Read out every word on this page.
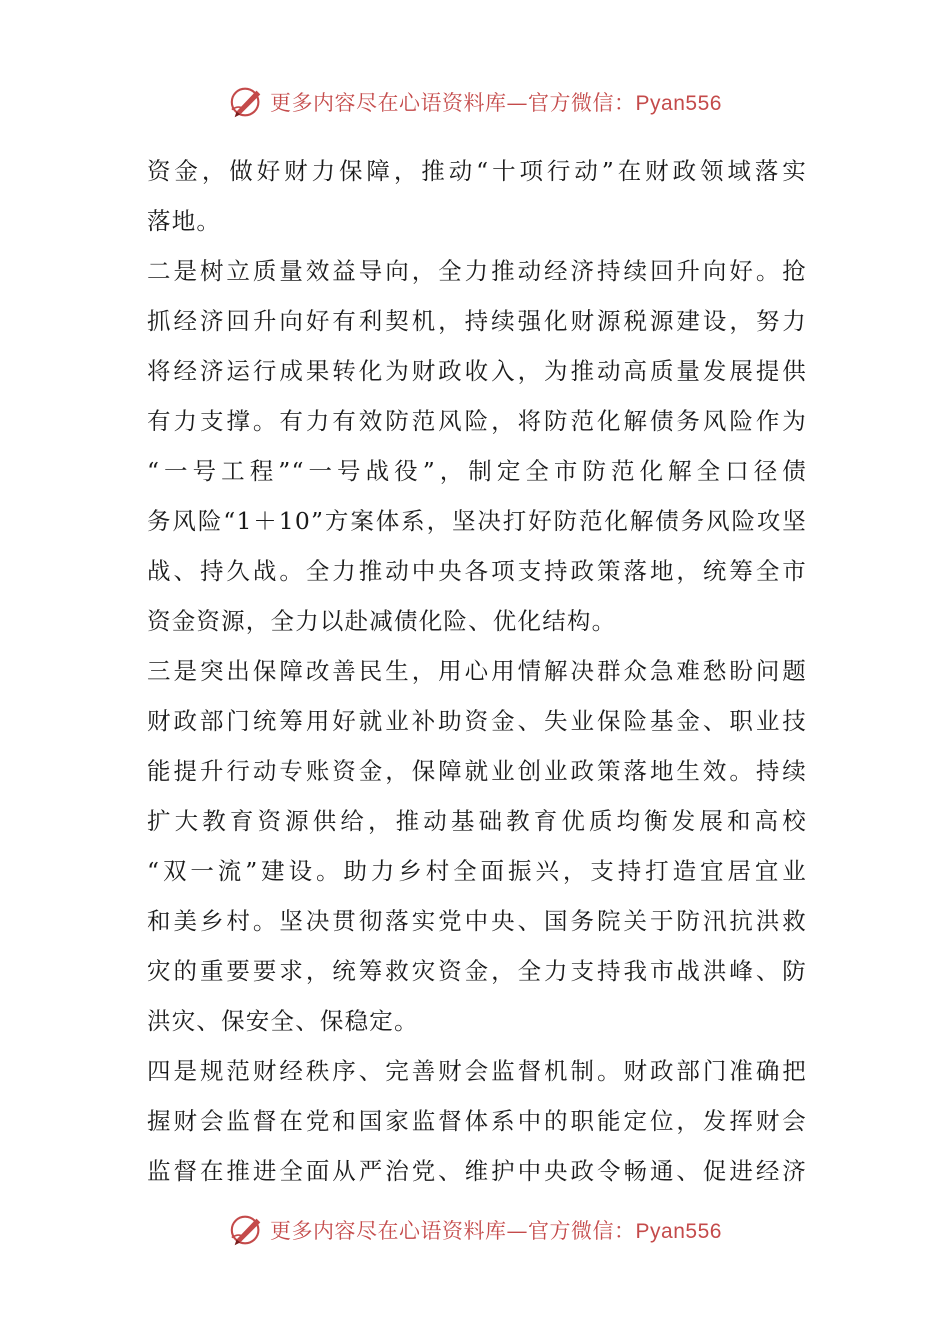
更多内容尽在心语资料库—官方微信：Pyan556
资金，做好财力保障，推动“十项行动”在财政领域落实
落地。
二是树立质量效益导向，全力推动经济持续回升向好。抢
抓经济回升向好有利契机，持续强化财源税源建设，努力
将经济运行成果转化为财政收入，为推动高质量发展提供
有力支撑。有力有效防范风险，将防范化解债务风险作为
“一号工程”“一号战役”，制定全市防范化解全口径债
务风险“1＋10”方案体系，坚决打好防范化解债务风险攻坚
战、持久战。全力推动中央各项支持政策落地，统筹全市
资金资源，全力以赴减债化险、优化结构。
三是突出保障改善民生，用心用情解决群众急难愁盼问题
财政部门统筹用好就业补助资金、失业保险基金、职业技
能提升行动专账资金，保障就业创业政策落地生效。持续
扩大教育资源供给，推动基础教育优质均衡发展和高校
“双一流”建设。助力乡村全面振兴，支持打造宜居宜业
和美乡村。坚决贯彻落实党中央、国务院关于防汛抗洪救
灾的重要要求，统筹救灾资金，全力支持我市战洪峰、防
洪灾、保安全、保稳定。
四是规范财经秩序、完善财会监督机制。财政部门准确把
握财会监督在党和国家监督体系中的职能定位，发挥财会
监督在推进全面从严治党、维护中央政令畅通、促进经济
更多内容尽在心语资料库—官方微信：Pyan556
